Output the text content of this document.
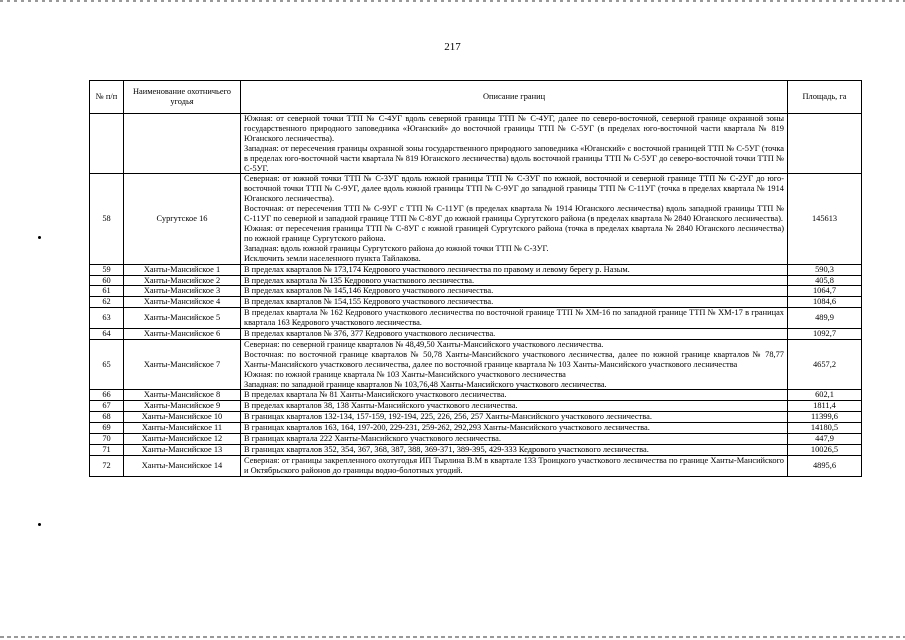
217
№ п/п	Наименование охотничьего угодья	Описание границ	Площадь, га

		Южная: от северной точки ТТП № С-4УГ вдоль северной границы ТТП № С-4УГ, далее по северо-восточной, северной границе охранной зоны государственного природного заповедника «Юганский» до восточной границы ТТП № С-5УГ (в пределах юго-восточной части квартала № 819 Юганского лесничества).
Западная: от пересечения границы охранной зоны государственного природного заповедника «Юганский» с восточной границей ТТП № С-5УГ (точка в пределах юго-восточной части квартала № 819 Юганского лесничества) вдоль восточной границы ТТП № С-5УГ до северо-восточной точки ТТП № С-5УГ.	

58	Сургутское 16	Северная: от южной точки ТТП № С-3УГ вдоль южной границы ТТП № С-3УГ по южной, восточной и северной границе ТТП № С-2УГ до юго-восточной точки ТТП № С-9УГ, далее вдоль южной границы ТТП № С-9УГ до западной границы ТТП № С-11УГ (точка в пределах квартала № 1914 Юганского лесничества).
Восточная: от пересечения ТТП № С-9УГ с ТТП № С-11УГ (в пределах квартала № 1914 Юганского лесничества) вдоль западной границы ТТП № С-11УГ по северной и западной границе ТТП № С-8УГ до южной границы Сургутского района (в пределах квартала № 2840 Юганского лесничества).
Южная: от пересечения границы ТТП № С-8УГ с южной границей Сургутского района (точка в пределах квартала № 2840 Юганского лесничества) по южной границе Сургутского района.
Западная: вдоль южной границы Сургутского района до южной точки ТТП № С-3УГ.
Исключить земли населенного пункта Тайлакова.	145613
59	Ханты-Мансийское 1	В пределах кварталов № 173,174 Кедрового участкового лесничества по правому и левому берегу р. Назым.	590,3
60	Ханты-Мансийское 2	В пределах квартала № 135 Кедрового участкового лесничества.	405,8
61	Ханты-Мансийское 3	В пределах кварталов № 145,146 Кедрового участкового лесничества.	1064,7
62	Ханты-Мансийское 4	В пределах кварталов № 154,155 Кедрового участкового лесничества.	1084,6
63	Ханты-Мансийское 5	В пределах квартала № 162 Кедрового участкового лесничества по восточной границе ТТП № ХМ-16 по западной границе ТТП № ХМ-17 в границах квартала 163 Кедрового участкового лесничества.	489,9
64	Ханты-Мансийское 6	В пределах кварталов № 376, 377 Кедрового участкового лесничества.	1092,7
65	Ханты-Мансийское 7	Северная: по северной границе кварталов № 48,49,50 Ханты-Мансийского участкового лесничества.
Восточная: по восточной границе кварталов № 50,78 Ханты-Мансийского участкового лесничества, далее по южной границе кварталов № 78,77 Ханты-Мансийского участкового лесничества, далее по восточной границе квартала № 103 Ханты-Мансийского участкового лесничества
Южная: по южной границе квартала № 103 Ханты-Мансийского участкового лесничества
Западная: по западной границе кварталов № 103,76,48 Ханты-Мансийского участкового лесничества.	4657,2
66	Ханты-Мансийское 8	В пределах квартала № 81 Ханты-Мансийского участкового лесничества.	602,1
67	Ханты-Мансийское 9	В пределах кварталов 38, 138 Ханты-Мансийского участкового лесничества.	1811,4
68	Ханты-Мансийское 10	В границах кварталов 132-134, 157-159, 192-194, 225, 226, 256, 257 Ханты-Мансийского участкового лесничества.	11399,6
69	Ханты-Мансийское 11	В границах кварталов 163, 164, 197-200, 229-231, 259-262, 292,293 Ханты-Мансийского участкового лесничества.	14180,5
70	Ханты-Мансийское 12	В границах квартала 222 Ханты-Мансийского участкового лесничества.	447,9
71	Ханты-Мансийское 13	В границах кварталов 352, 354, 367, 368, 387, 388, 369-371, 389-395, 429-333 Кедрового участкового лесничества.	10026,5
72	Ханты-Мансийское 14	Северная: от границы закрепленного охотугодья ИП Тырлина В.М в квартале 133 Троицкого участкового лесничества по границе Ханты-Мансийского и Октябрьского районов до границы водно-болотных угодий.	4895,6
